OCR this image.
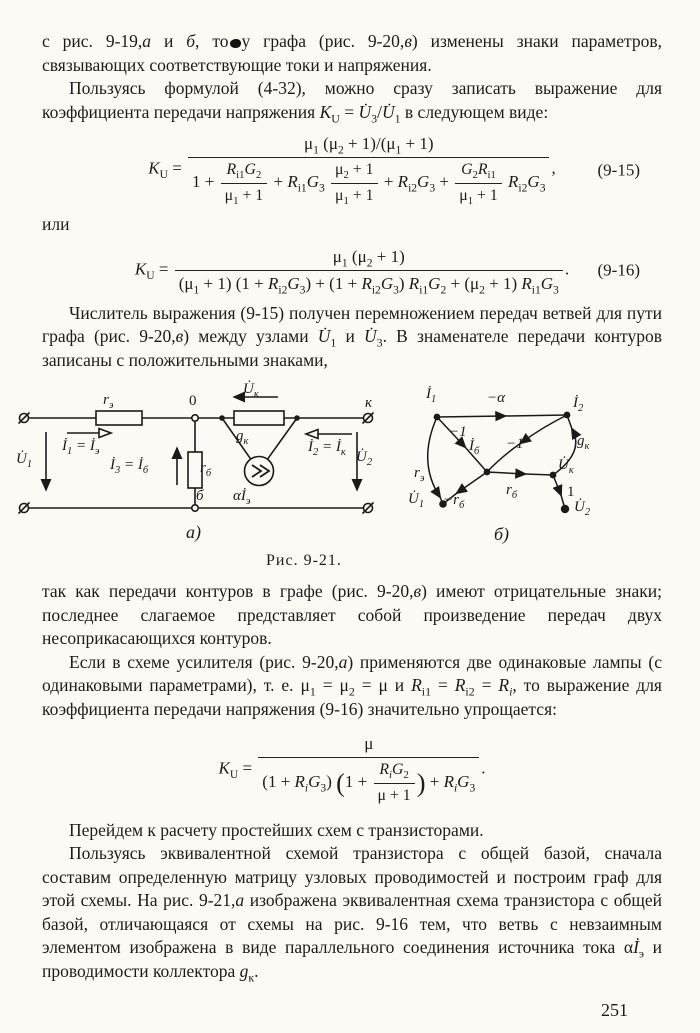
с рис. 9-19,а и б, то у графа (рис. 9-20,в) изменены знаки параметров, связывающих соответствующие токи и напряжения.

Пользуясь формулой (4-32), можно сразу записать выражение для коэффициента передачи напряжения $K_U$ = $U̇_3/U̇_1$ в следующем виде:

$K_U$ =
$\mu_1$ $(\mu_2 + 1)/(\mu_1 + 1)$
$1 + \frac{R_{i1}G_2}{\mu_1 + 1} + R_{i1}G_3 \frac{\mu_2 + 1}{\mu_1 + 1} + R_{i2}G_3 + \frac{G_2R_{i1}}{\mu_1 + 1} R_{i2}G_3$
, (9-15)

или

$K_U = \frac{\mu_1 (\mu_2 + 1)}{(\mu_1 + 1) (1 + R_{i2}G_3) + (1 + R_{i2}G_3) R_{i1}G_2 + (\mu_2 + 1) R_{i1}G_3}$ . (9-16)

Числитель выражения (9-15) получен перемножением передач ветвей для пути графа (рис. 9-20,в) между узлами $U̇_1$ и $U̇_3$. В знаменателе передачи контуров записаны с положительными знаками,

$r_э$	0
$U̇_к$
$g_к$
к
$İ_1$ = $İ_э$	$İ_2$ = $İ_к$
$U̇_1$	$U̇_2$
$İ_3$ = $İ_б$	$r_б$
б $\alpha İ_э$
$İ_1$	−α	$İ_2$
−1
$İ_б -1$
$r_э$
$U̇_к$
$g_к$
$-r_б$
$r_б$	1
$U̇_1$	$U̇_2$
а)	б)
Рис. 9-21.

так как передачи контуров в графе (рис. 9-20,в) имеют отрицательные знаки; последнее слагаемое представляет собой произведение передач двух несоприкасающихся контуров.

Если в схеме усилителя (рис. 9-20,а) применяются две одинаковые лампы (с одинаковыми параметрами), т. е. $\mu_1 = \mu_2 = \mu$ и $R_{i1} = R_{i2} = R_i$, то выражение для коэффициента передачи напряжения (9-16) значительно упрощается:

$K_U = \frac{\mu}{(1 + R_iG_3) (1 + \frac{R_iG_2}{\mu + 1} ) + R_iG_3}$ .

Перейдем к расчету простейших схем с транзисторами.

Пользуясь эквивалентной схемой транзистора с общей базой, сначала составим определенную матрицу узловых проводимостей и построим граф для этой схемы. На рис. 9-21,а изображена эквивалентная схема транзистора с общей базой, отличающаяся от схемы на рис. 9-16 тем, что ветвь с невзаимным элементом изображена в виде параллельного соединения источника тока $\alpha İ_э$ и проводимости коллектора $g_к$.

251
